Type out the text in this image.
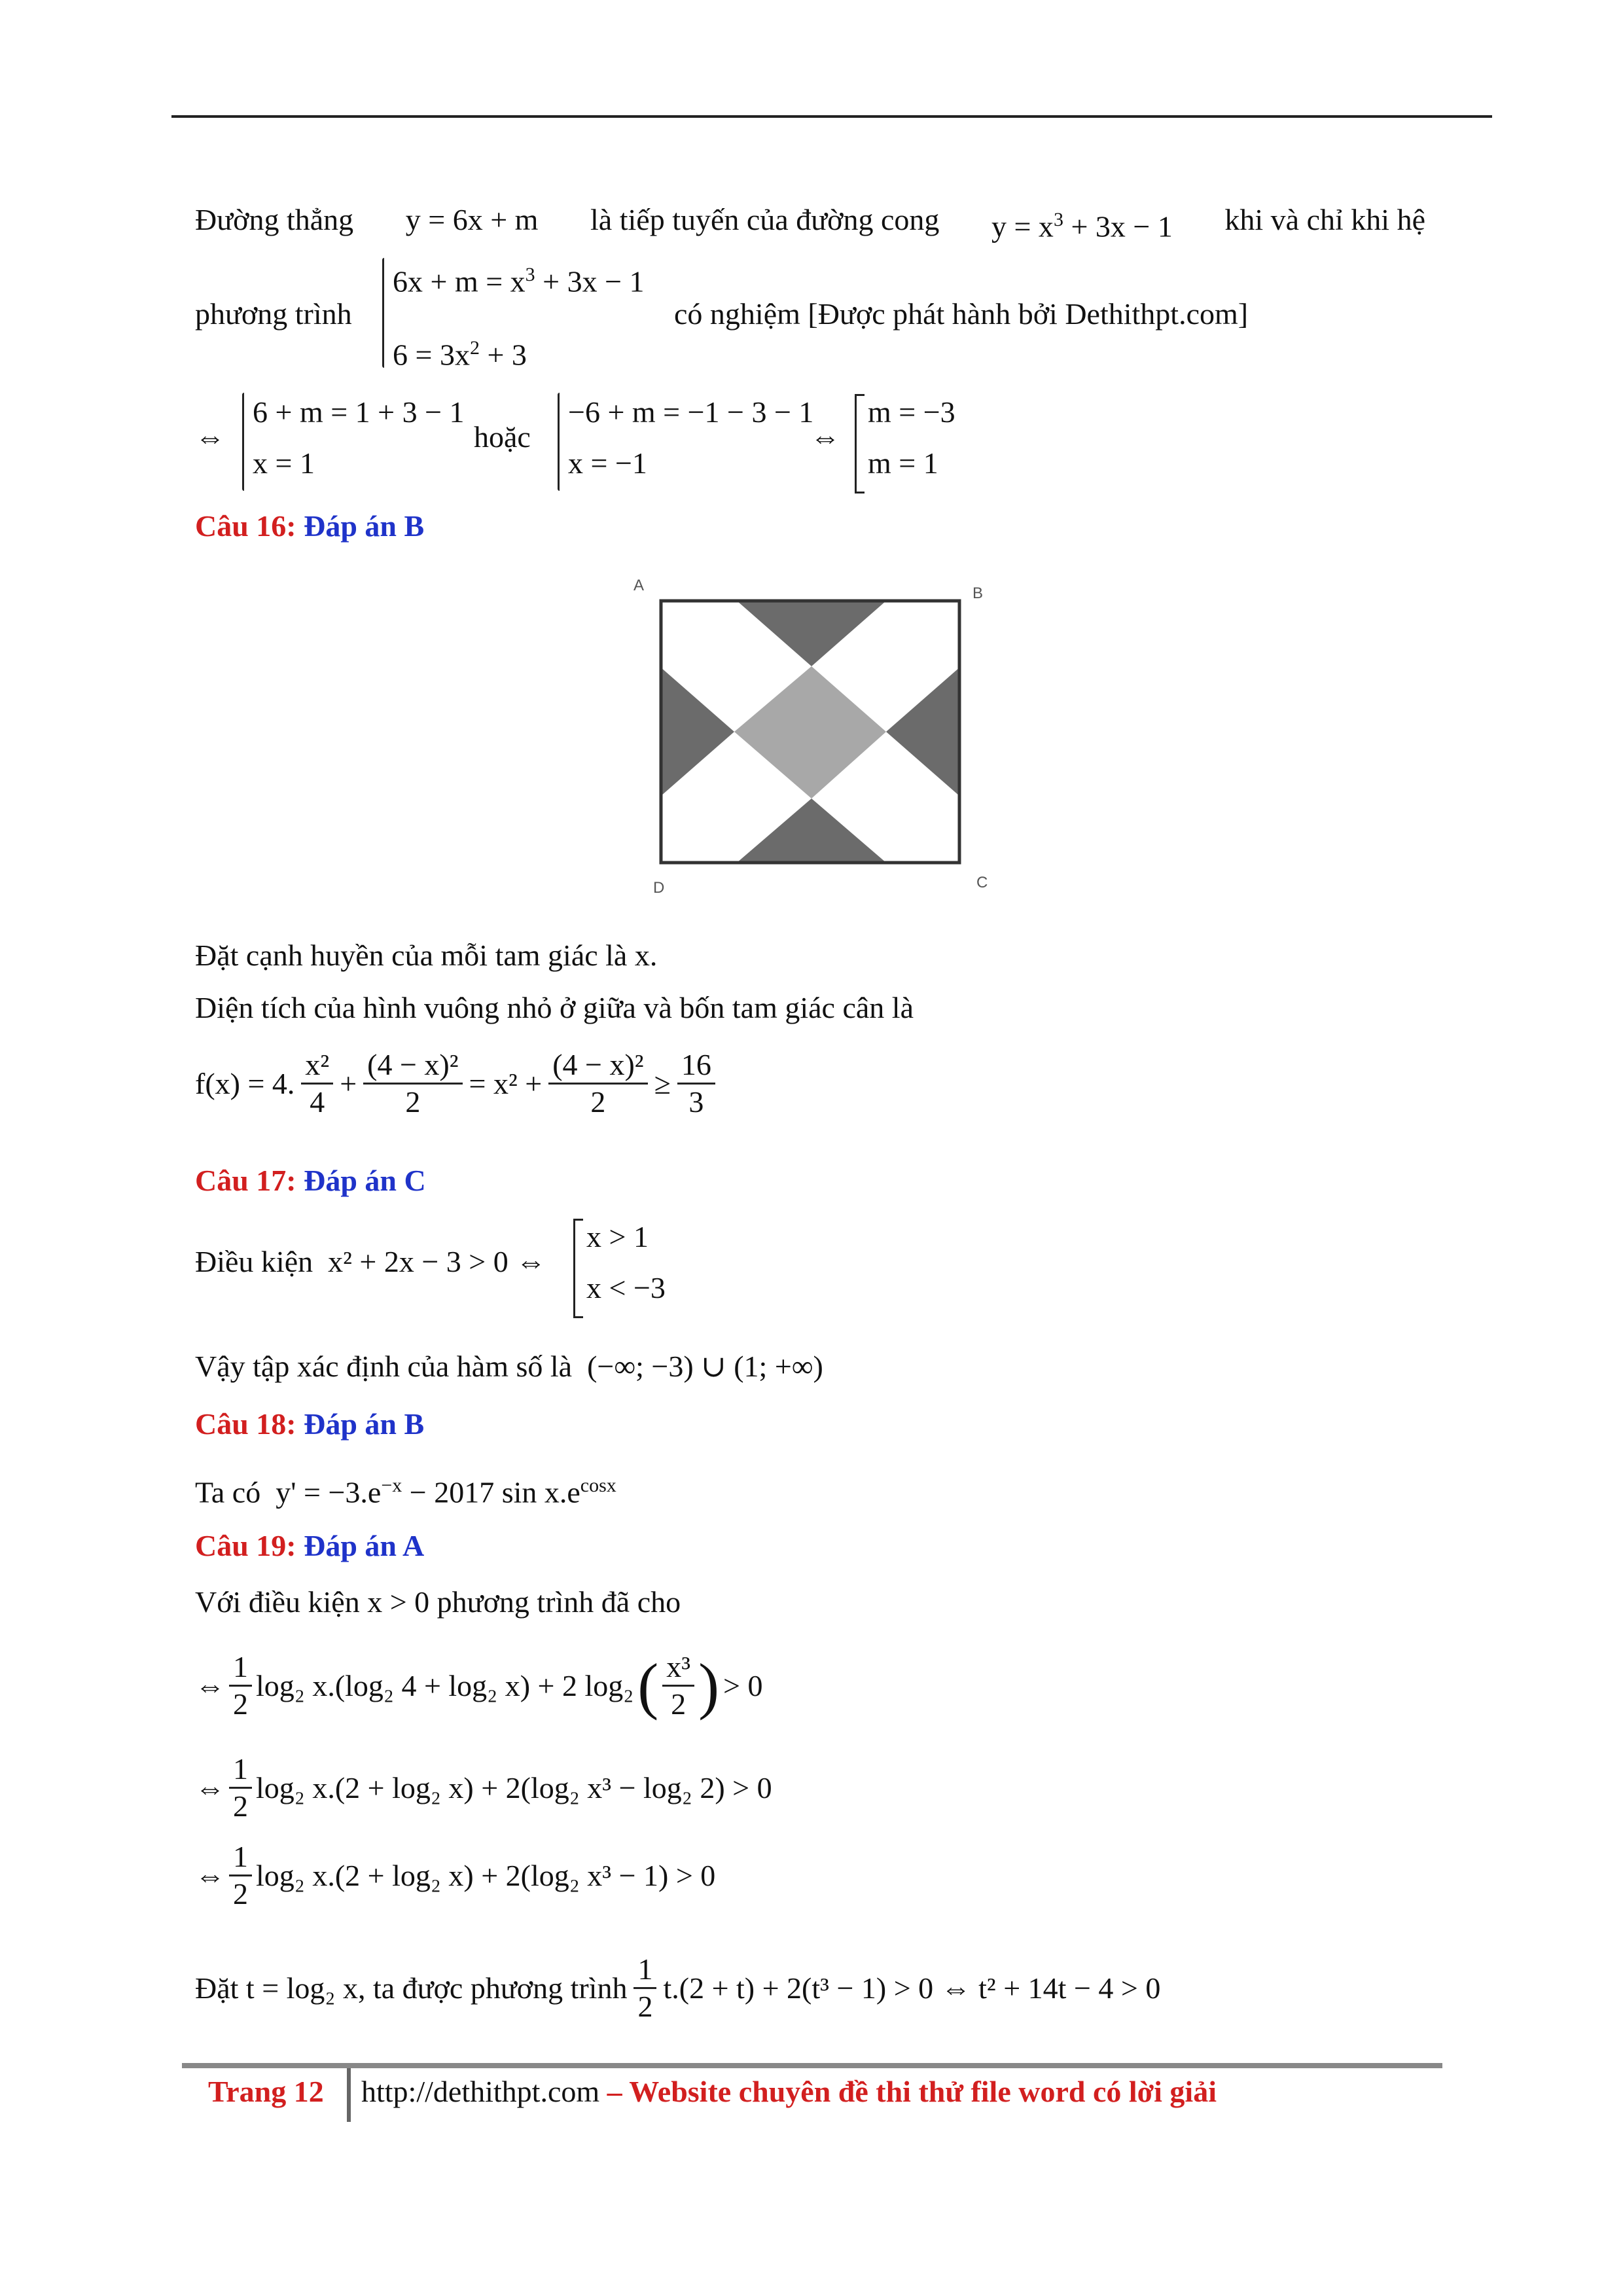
Đường thẳng y = 6x + m là tiếp tuyến của đường cong $y = x^3 + 3x - 1$ khi và chỉ khi hệ
phương trình
$6x + m = x^3 + 3x - 1$
$6 = 3x^2 + 3$
có nghiệm [Được phát hành bởi Dethithpt.com]
⇔
6 + m = 1 + 3 − 1
x = 1
hoặc
−6 + m = −1 − 3 − 1
x = −1
⇔
m = −3
m = 1
Câu 16: Đáp án B
A	B
C
D
Đặt cạnh huyền của mỗi tam giác là x.
Diện tích của hình vuông nhỏ ở giữa và bốn tam giác cân là
f(x) = 4. $\frac{\text{x²}}{4} + \frac{\text{(4 − x)²}}{2} = x^2 + \frac{\text{(4 − x)²}}{2} \ge \frac{16}{3}$
Câu 17: Đáp án C
Điều kiện x² + 2x − 3 > 0 ⇔
x > 1
x < −3
Vậy tập xác định của hàm số là (−∞; −3) ∪ (1; +∞)
Câu 18: Đáp án B
Ta có $y' = -3.e^{-x} - 2017$ $\sin x.e^{cosx}$
Câu 19: Đáp án A
Với điều kiện x > 0 phương trình đã cho
⇔ $\frac{1}{2} \log_2$ x.(log₂ 4 + log₂ x) + 2 log₂ ( $\frac{\text{x³}}{2}$ ) > 0
⇔ $\frac{1}{2} \log_2$ x.(2 + log₂ x) + 2(log₂ x³ − log₂ 2) > 0
⇔ $\frac{1}{2} \log_2$ x.(2 + log₂ x) + 2(log₂ x³ − 1) > 0
Đặt t = log₂ x, ta được phương trình $\frac{1}{2} t.(2 + t) + 2(t^3 - 1) > 0$ ⇔ t² + 14t − 4 > 0
Trang 12 http://dethithpt.com – Website chuyên đề thi thử file word có lời giải
